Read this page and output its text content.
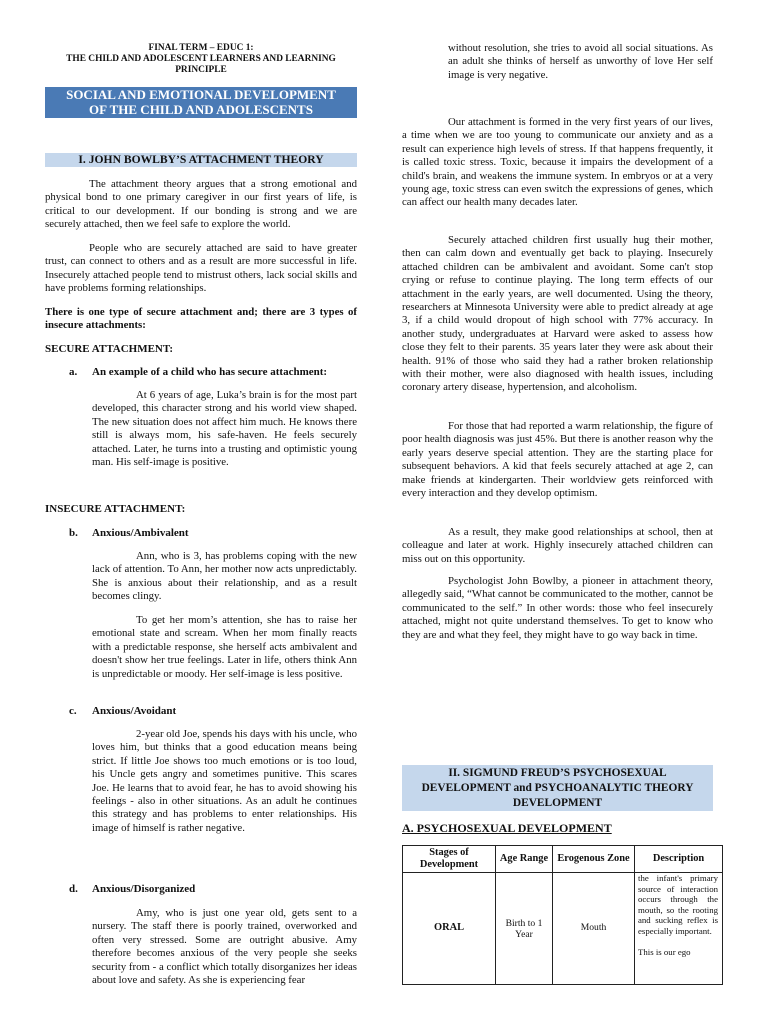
FINAL TERM – EDUC 1:
THE CHILD AND ADOLESCENT LEARNERS AND LEARNING
PRINCIPLE
SOCIAL AND EMOTIONAL DEVELOPMENT
OF THE CHILD AND ADOLESCENTS
I. JOHN BOWLBY’S ATTACHMENT THEORY

The attachment theory argues that a strong emotional and physical bond to one primary caregiver in our first years of life, is critical to our development. If our bonding is strong and we are securely attached, then we feel safe to explore the world.

People who are securely attached are said to have greater trust, can connect to others and as a result are more successful in life. Insecurely attached people tend to mistrust others, lack social skills and have problems forming relationships.

There is one type of secure attachment and; there are 3 types of insecure attachments:

SECURE ATTACHMENT:
a. An example of a child who has secure attachment:

At 6 years of age, Luka’s brain is for the most part developed, this character strong and his world view shaped. The new situation does not affect him much. He knows there still is always mom, his safe-haven. He feels securely attached. Later, he turns into a trusting and optimistic young man. His self-image is positive.

INSECURE ATTACHMENT:
b. Anxious/Ambivalent

Ann, who is 3, has problems coping with the new lack of attention. To Ann, her mother now acts unpredictably. She is anxious about their relationship, and as a result becomes clingy.

To get her mom’s attention, she has to raise her emotional state and scream. When her mom finally reacts with a predictable response, she herself acts ambivalent and doesn't show her true feelings. Later in life, others think Ann is unpredictable or moody. Her self-image is less positive.

c. Anxious/Avoidant

2-year old Joe, spends his days with his uncle, who loves him, but thinks that a good education means being strict. If little Joe shows too much emotions or is too loud, his Uncle gets angry and sometimes punitive. This scares Joe. He learns that to avoid fear, he has to avoid showing his feelings - also in other situations. As an adult he continues this strategy and has problems to enter relationships. His image of himself is rather negative.

d. Anxious/Disorganized

Amy, who is just one year old, gets sent to a nursery. The staff there is poorly trained, overworked and often very stressed. Some are outright abusive. Amy therefore becomes anxious of the very people she seeks security from - a conflict which totally disorganizes her ideas about love and safety. As she is experiencing fear

without resolution, she tries to avoid all social situations. As an adult she thinks of herself as unworthy of love Her self image is very negative.

Our attachment is formed in the very first years of our lives, a time when we are too young to communicate our anxiety and as a result can experience high levels of stress. If that happens frequently, it is called toxic stress. Toxic, because it impairs the development of a child's brain, and weakens the immune system. In embryos or at a very young age, toxic stress can even switch the expressions of genes, which can affect our health many decades later.

Securely attached children first usually hug their mother, then can calm down and eventually get back to playing. Insecurely attached children can be ambivalent and avoidant. Some can't stop crying or refuse to continue playing. The long term effects of our attachment in the early years, are well documented. Using the theory, researchers at Minnesota University were able to predict already at age 3, if a child would dropout of high school with 77% accuracy. In another study, undergraduates at Harvard were asked to assess how close they felt to their parents. 35 years later they were ask about their health. 91% of those who said they had a rather broken relationship with their mother, were also diagnosed with health issues, including coronary artery disease, hypertension, and alcoholism.

For those that had reported a warm relationship, the figure of poor health diagnosis was just 45%. But there is another reason why the early years deserve special attention. They are the starting place for subsequent behaviors. A kid that feels securely attached at age 2, can make friends at kindergarten. Their worldview gets reinforced with every interaction and they develop optimism.

As a result, they make good relationships at school, then at colleague and later at work. Highly insecurely attached children can miss out on this opportunity.

Psychologist John Bowlby, a pioneer in attachment theory, allegedly said, “What cannot be communicated to the mother, cannot be communicated to the self.” In other words: those who feel insecurely attached, might not quite understand themselves. To get to know who they are and what they feel, they might have to go way back in time.

II. SIGMUND FREUD’S PSYCHOSEXUAL
DEVELOPMENT and PSYCHOANALYTIC THEORY
DEVELOPMENT
A. PSYCHOSEXUAL DEVELOPMENT
Stages of Development	Age Range	Erogenous Zone	Description
ORAL	Birth to 1 Year	Mouth	the infant's primary source of interaction occurs through the mouth, so the rooting and sucking reflex is especially important.
This is our ego
